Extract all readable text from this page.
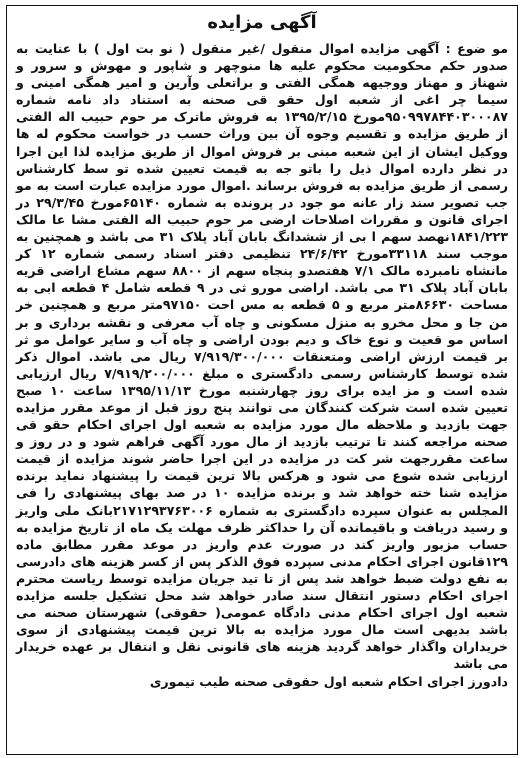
آگهی مزایده

مو ضوع : آگهی مزایده اموال منقول /غیر منقول ( نو بت اول ) با عنایت به صدور حکم محکومیت محکوم علیه ها منوچهر و شاپور و مهوش و سرور و شهناز و مهناز ووجیهه همگی الفتی و براتعلی وآرین و امیر همگی امینی و سیما چر اغی از شعبه اول حقو قی صحنه به استناد داد نامه شماره ۹۵۰۹۹۷۸۴۴۰۳۰۰۰۸۷مورخ ۱۳۹۵/۲/۱۵ به فروش ماترک مر حوم حبیب اله الفتی از طریق مزایده و تقسیم وجوه آن بین وراث حسب در خواست محکوم له ها ووکیل ایشان از این شعبه مبنی بر فروش اموال از طریق مزایده لذا این اجرا در نظر دارده اموال ذیل را باتو جه به قیمت تعیین شده تو سط کارشناس رسمی از طریق مزایده به فروش برساند .اموال مورد مزایده عبارت است به مو جب تصویر سند زار عانه مو جود در پرونده به شماره ۶۵۱۴۰مورخ ۲۹/۳/۴۵ در اجرای قانون و مقررات اصلاحات ارضی مر حوم حبیب اله الفتی مشا عا مالک ۱۸۴۱/۲۲۳نهصد سهم ا بی از ششدانگ بابان آباد پلاک ۳۱ می باشد و همچنین به موجب سند ۳۳۱۱۸مورخ ۲۴/۶/۴۲ تنظیمی دفتر اسناد رسمی شماره ۱۲ کر مانشاه نامبرده مالک ۷/۱ هفتصدو پنجاه سهم از ۸۸۰۰ سهم مشاع اراضی قریه بابان آباد پلاک ۳۱ می باشد. اراضی مورو ثی در ۹ قطعه شامل ۴ قطعه ابی به مساحت ۸۶۶۳۰متر مربع و ۵ قطعه به مس احت ۹۷۱۵۰متر مربع و همچنین خر من جا و محل مخرو به منزل مسکونی و چاه آب معرفی و نقشه برداری و بر اساس مو قعیت و نوع خاک و دیم بودن اراضی و چاه آب و سایر عوامل مو ثر بر قیمت ارزش اراضی ومتعنقات ۷/۹۱۹/۳۰۰/۰۰۰ ریال می باشد. اموال ذکر شده توسط کارشناس رسمی دادگستری ه مبلغ ۷/۹۱۹/۲۰۰/۰۰۰ ریال ارزیابی شده است و مز ایده برای روز چهارشنبه مورخ ۱۳۹۵/۱۱/۱۳ ساعت ۱۰ صبح تعیین شده است شرکت کنندگان می توانند پنج روز قبل از موعد مقرر مزایده جهت بازدید و ملاحظه مال مورد مزایده به شعبه اول اجرای احکام حقو قی صحنه مراجعه کنند تا ترتیب بازدید از مال مورد آگهی فراهم شود و در روز و ساعت مقررجهت شر کت در مزایده در این اجرا حاضر شوند مزایده از قیمت ارزیابی شده شوع می شود و هرکس بالا ترین قیمت را پیشنهاد نماید برنده مزایده شنا خته خواهد شد و برنده مزایده ۱۰ در صد بهای پیشنهادی را فی المجلس به عنوان سپرده دادگستری به شماره ۲۱۷۱۲۹۳۷۶۳۰۰۶بانک ملی واریز و رسید دریافت و باقیمانده آن را حداکثر ظرف مهلت یک ماه از تاریخ مزایده به حساب مزبور واریز کند در صورت عدم واریز در موعد مقرر مطابق ماده ۱۲۹قانون اجرای احکام مدنی سپرده فوق الذکر پس از کسر هزینه های دادرسی به نفع دولت ضبط خواهد شد پس از تا تید جریان مزایده توسط ریاست محترم اجرای احکام دستور انتقال سند صادر خواهد شد محل تشکیل جلسه مزایده شعبه اول اجرای احکام مدنی دادگاه عمومی( حقوقی) شهرستان صحنه می باشد بدیهی است مال مورد مزایده به بالا ترین قیمت پیشنهادی از سوی خریداران واگذار خواهد گردید هزینه های قانونی نقل و انتقال بر عهده خریدار می باشد

دادورز اجرای احکام شعبه اول حقوقی صحنه طیب تیموری
